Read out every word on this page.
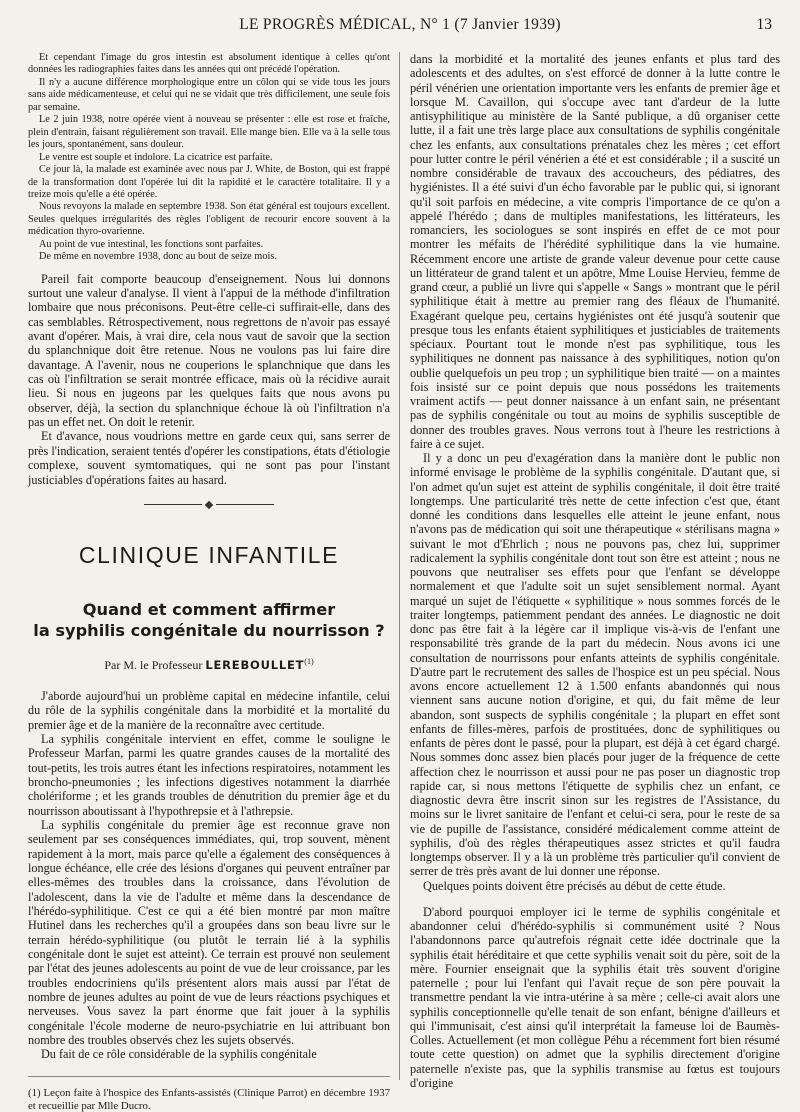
LE PROGRÈS MÉDICAL, N° 1 (7 Janvier 1939)	13

Et cependant l'image du gros intestin est absolument identique à celles qu'ont données les radiographies faites dans les années qui ont précédé l'opération.

Il n'y a aucune différence morphologique entre un côlon qui se vide tous les jours sans aide médicamenteuse, et celui qui ne se vidait que très difficilement, une seule fois par semaine.

Le 2 juin 1938, notre opérée vient à nouveau se présenter : elle est rose et fraîche, plein d'entrain, faisant régulièrement son travail. Elle mange bien. Elle va à la selle tous les jours, spontanément, sans douleur.

Le ventre est souple et indolore. La cicatrice est parfaite.

Ce jour là, la malade est examinée avec nous par J. White, de Boston, qui est frappé de la transformation dont l'opérée lui dit la rapidité et le caractère totalitaire. Il y a treize mois qu'elle a été opérée.

Nous revoyons la malade en septembre 1938. Son état général est toujours excellent. Seules quelques irrégularités des règles l'obligent de recourir encore souvent à la médication thyro-ovarienne.

Au point de vue intestinal, les fonctions sont parfaites.

De même en novembre 1938, donc au bout de seize mois.

Pareil fait comporte beaucoup d'enseignement. Nous lui donnons surtout une valeur d'analyse. Il vient à l'appui de la méthode d'infiltration lombaire que nous préconisons. Peut-être celle-ci suffirait-elle, dans des cas semblables. Rétrospectivement, nous regrettons de n'avoir pas essayé avant d'opérer. Mais, à vrai dire, cela nous vaut de savoir que la section du splanchnique doit être retenue. Nous ne voulons pas lui faire dire davantage. A l'avenir, nous ne couperions le splanchnique que dans les cas où l'infiltration se serait montrée efficace, mais où la récidive aurait lieu. Si nous en jugeons par les quelques faits que nous avons pu observer, déjà, la section du splanchnique échoue là où l'infiltration n'a pas un effet net. On doit le retenir.

Et d'avance, nous voudrions mettre en garde ceux qui, sans serrer de près l'indication, seraient tentés d'opérer les constipations, états d'étiologie complexe, souvent symtomatiques, qui ne sont pas pour l'instant justiciables d'opérations faites au hasard.

CLINIQUE INFANTILE
Quand et comment affirmer
la syphilis congénitale du nourrisson ?
Par M. le Professeur LEREBOULLET$^{(1)}$

J'aborde aujourd'hui un problème capital en médecine infantile, celui du rôle de la syphilis congénitale dans la morbidité et la mortalité du premier âge et de la manière de la reconnaître avec certitude.

La syphilis congénitale intervient en effet, comme le souligne le Professeur Marfan, parmi les quatre grandes causes de la mortalité des tout-petits, les trois autres étant les infections respiratoires, notamment les broncho-pneumonies ; les infections digestives notamment la diarrhée cholériforme ; et les grands troubles de dénutrition du premier âge et du nourrisson aboutissant à l'hypothrepsie et à l'athrepsie.

La syphilis congénitale du premier âge est reconnue grave non seulement par ses conséquences immédiates, qui, trop souvent, mènent rapidement à la mort, mais parce qu'elle a également des conséquences à longue échéance, elle crée des lésions d'organes qui peuvent entraîner par elles-mêmes des troubles dans la croissance, dans l'évolution de l'adolescent, dans la vie de l'adulte et même dans la descendance de l'hérédo-syphilitique. C'est ce qui a été bien montré par mon maître Hutinel dans les recherches qu'il a groupées dans son beau livre sur le terrain hérédo-syphilitique (ou plutôt le terrain lié à la syphilis congénitale dont le sujet est atteint). Ce terrain est prouvé non seulement par l'état des jeunes adolescents au point de vue de leur croissance, par les troubles endocriniens qu'ils présentent alors mais aussi par l'état de nombre de jeunes adultes au point de vue de leurs réactions psychiques et nerveuses. Vous savez la part énorme que fait jouer à la syphilis congénitale l'école moderne de neuro-psychiatrie en lui attribuant bon nombre des troubles observés chez les sujets observés.

Du fait de ce rôle considérable de la syphilis congénitale

(1) Leçon faite à l'hospice des Enfants-assistés (Clinique Parrot) en décembre 1937 et recueillie par Mlle Ducro.

dans la morbidité et la mortalité des jeunes enfants et plus tard des adolescents et des adultes, on s'est efforcé de donner à la lutte contre le péril vénérien une orientation importante vers les enfants de premier âge et lorsque M. Cavaillon, qui s'occupe avec tant d'ardeur de la lutte antisyphilitique au ministère de la Santé publique, a dû organiser cette lutte, il a fait une très large place aux consultations de syphilis congénitale chez les enfants, aux consultations prénatales chez les mères ; cet effort pour lutter contre le péril vénérien a été et est considérable ; il a suscité un nombre considérable de travaux des accoucheurs, des pédiatres, des hygiénistes. Il a été suivi d'un écho favorable par le public qui, si ignorant qu'il soit parfois en médecine, a vite compris l'importance de ce qu'on a appelé l'hérédo ; dans de multiples manifestations, les littérateurs, les romanciers, les sociologues se sont inspirés en effet de ce mot pour montrer les méfaits de l'hérédité syphilitique dans la vie humaine. Récemment encore une artiste de grande valeur devenue pour cette cause un littérateur de grand talent et un apôtre, Mme Louise Hervieu, femme de grand cœur, a publié un livre qui s'appelle « Sangs » montrant que le péril syphilitique était à mettre au premier rang des fléaux de l'humanité. Exagérant quelque peu, certains hygiénistes ont été jusqu'à soutenir que presque tous les enfants étaient syphilitiques et justiciables de traitements spéciaux. Pourtant tout le monde n'est pas syphilitique, tous les syphilitiques ne donnent pas naissance à des syphilitiques, notion qu'on oublie quelquefois un peu trop ; un syphilitique bien traité — on a maintes fois insisté sur ce point depuis que nous possédons les traitements vraiment actifs — peut donner naissance à un enfant sain, ne présentant pas de syphilis congénitale ou tout au moins de syphilis susceptible de donner des troubles graves. Nous verrons tout à l'heure les restrictions à faire à ce sujet.

Il y a donc un peu d'exagération dans la manière dont le public non informé envisage le problème de la syphilis congénitale. D'autant que, si l'on admet qu'un sujet est atteint de syphilis congénitale, il doit être traité longtemps. Une particularité très nette de cette infection c'est que, étant donné les conditions dans lesquelles elle atteint le jeune enfant, nous n'avons pas de médication qui soit une thérapeutique « stérilisans magna » suivant le mot d'Ehrlich ; nous ne pouvons pas, chez lui, supprimer radicalement la syphilis congénitale dont tout son être est atteint ; nous ne pouvons que neutraliser ses effets pour que l'enfant se développe normalement et que l'adulte soit un sujet sensiblement normal. Ayant marqué un sujet de l'étiquette « syphilitique » nous sommes forcés de le traiter longtemps, patiemment pendant des années. Le diagnostic ne doit donc pas être fait à la légère car il implique vis-à-vis de l'enfant une responsabilité très grande de la part du médecin. Nous avons ici une consultation de nourrissons pour enfants atteints de syphilis congénitale. D'autre part le recrutement des salles de l'hospice est un peu spécial. Nous avons encore actuellement 12 à 1.500 enfants abandonnés qui nous viennent sans aucune notion d'origine, et qui, du fait même de leur abandon, sont suspects de syphilis congénitale ; la plupart en effet sont enfants de filles-mères, parfois de prostituées, donc de syphilitiques ou enfants de pères dont le passé, pour la plupart, est déjà à cet égard chargé. Nous sommes donc assez bien placés pour juger de la fréquence de cette affection chez le nourrisson et aussi pour ne pas poser un diagnostic trop rapide car, si nous mettons l'étiquette de syphilis chez un enfant, ce diagnostic devra être inscrit sinon sur les registres de l'Assistance, du moins sur le livret sanitaire de l'enfant et celui-ci sera, pour le reste de sa vie de pupille de l'assistance, considéré médicalement comme atteint de syphilis, d'où des règles thérapeutiques assez strictes et qu'il faudra longtemps observer. Il y a là un problème très particulier qu'il convient de serrer de très près avant de lui donner une réponse.

Quelques points doivent être précisés au début de cette étude.

D'abord pourquoi employer ici le terme de syphilis congénitale et abandonner celui d'hérédo-syphilis si communément usité ? Nous l'abandonnons parce qu'autrefois régnait cette idée doctrinale que la syphilis était héréditaire et que cette syphilis venait soit du père, soit de la mère. Fournier enseignait que la syphilis était très souvent d'origine paternelle ; pour lui l'enfant qui l'avait reçue de son père pouvait la transmettre pendant la vie intra-utérine à sa mère ; celle-ci avait alors une syphilis conceptionnelle qu'elle tenait de son enfant, bénigne d'ailleurs et qui l'immunisait, c'est ainsi qu'il interprétait la fameuse loi de Baumès-Colles. Actuellement (et mon collègue Péhu a récemment fort bien résumé toute cette question) on admet que la syphilis directement d'origine paternelle n'existe pas, que la syphilis transmise au fœtus est toujours d'origine
